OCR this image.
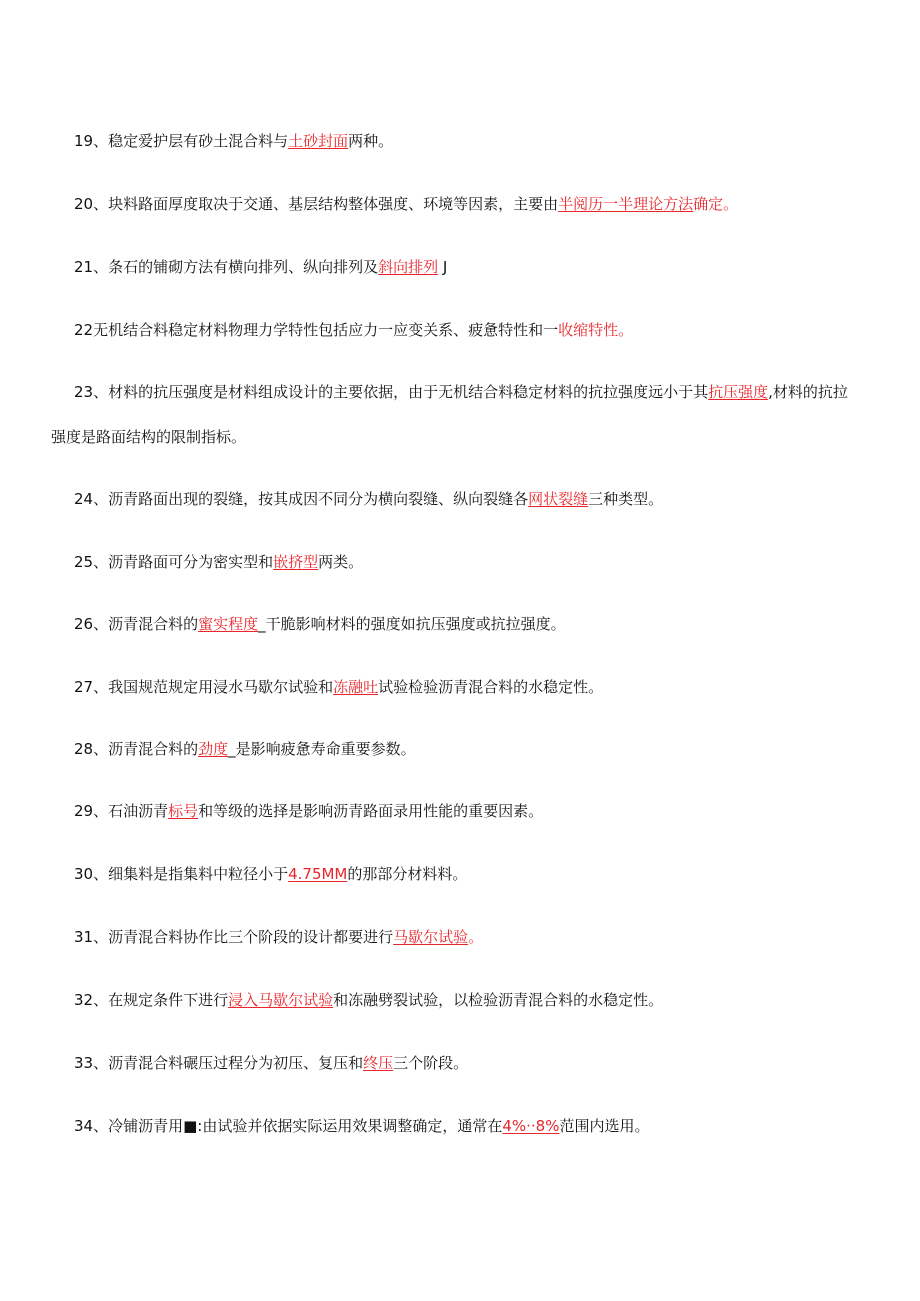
19、稳定爱护层有砂土混合料与土砂封面两种。
20、块料路面厚度取决于交通、基层结构整体强度、环境等因素，主要由半阅历一半理论方法确定。
21、条石的铺砌方法有横向排列、纵向排列及斜向排列 J
22无机结合料稳定材料物理力学特性包括应力一应变关系、疲惫特性和一收缩特性。
23、材料的抗压强度是材料组成设计的主要依据，由于无机结合料稳定材料的抗拉强度远小于其抗压强度,材料的抗拉
强度是路面结构的限制指标。
24、沥青路面出现的裂缝，按其成因不同分为横向裂缝、纵向裂缝各网状裂缝三种类型。
25、沥青路面可分为密实型和嵌挤型两类。
26、沥青混合料的蜜实程度_干脆影响材料的强度如抗压强度或抗拉强度。
27、我国规范规定用浸水马歇尔试验和冻融吐试验检验沥青混合料的水稳定性。
28、沥青混合料的劲度_是影响疲惫寿命重要参数。
29、石油沥青标号和等级的选择是影响沥青路面录用性能的重要因素。
30、细集料是指集料中粒径小于4.75MM的那部分材料料。
31、沥青混合料协作比三个阶段的设计都要进行马歇尔试验。
32、在规定条件下进行浸入马歇尔试验和冻融劈裂试验，以检验沥青混合料的水稳定性。
33、沥青混合料碾压过程分为初压、复压和终压三个阶段。
34、冷铺沥青用■:由试验并依据实际运用效果调整确定，通常在4%··8%范围内选用。
